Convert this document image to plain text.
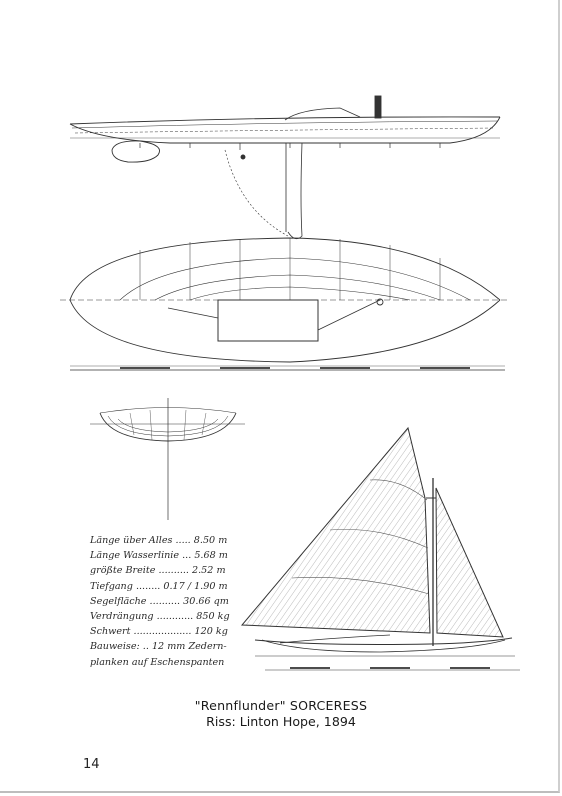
Länge über Alles ..... 8.50 m
Länge Wasserlinie ... 5.68 m
größte Breite .......... 2.52 m
Tiefgang ........ 0.17 / 1.90 m
Segelfläche .......... 30.66 qm
Verdrängung ............ 850 kg
Schwert ................... 120 kg
Bauweise: .. 12 mm Zedern-
planken auf Eschenspanten
"Rennflunder" SORCERESS
Riss: Linton Hope, 1894
14
